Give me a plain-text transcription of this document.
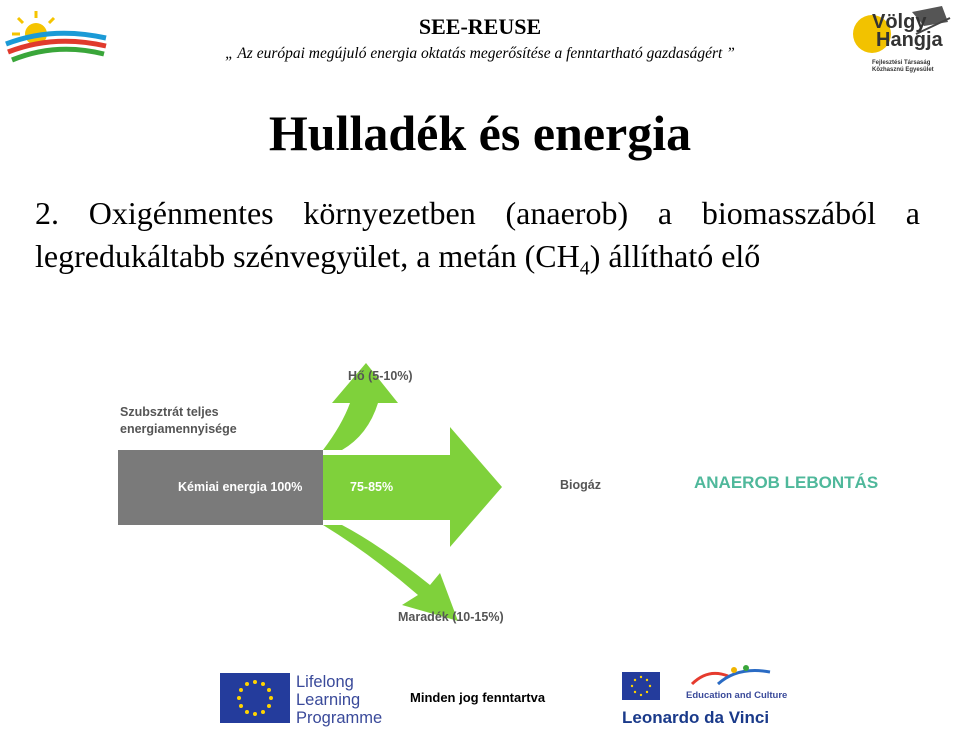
SEE-REUSE
„ Az európai megújuló energia oktatás megerősítése a fenntartható gazdaságért ”
Völgy
Hangja
Fejlesztési Társaság
Közhasznú Egyesület
Hulladék és energia
2. Oxigénmentes környezetben (anaerob) a biomasszából a legredukáltabb szénvegyület, a metán $(CH_4)$ állítható elő
Szubsztrát teljes
energiamennyisége
Kémiai energia 100%	75-85%
Hő (5-10%)
Maradék (10-15%)
Biogáz	ANAEROB LEBONTÁS
Lifelong
Learning
Programme
Minden jog fenntartva	Education and Culture
Leonardo da Vinci
